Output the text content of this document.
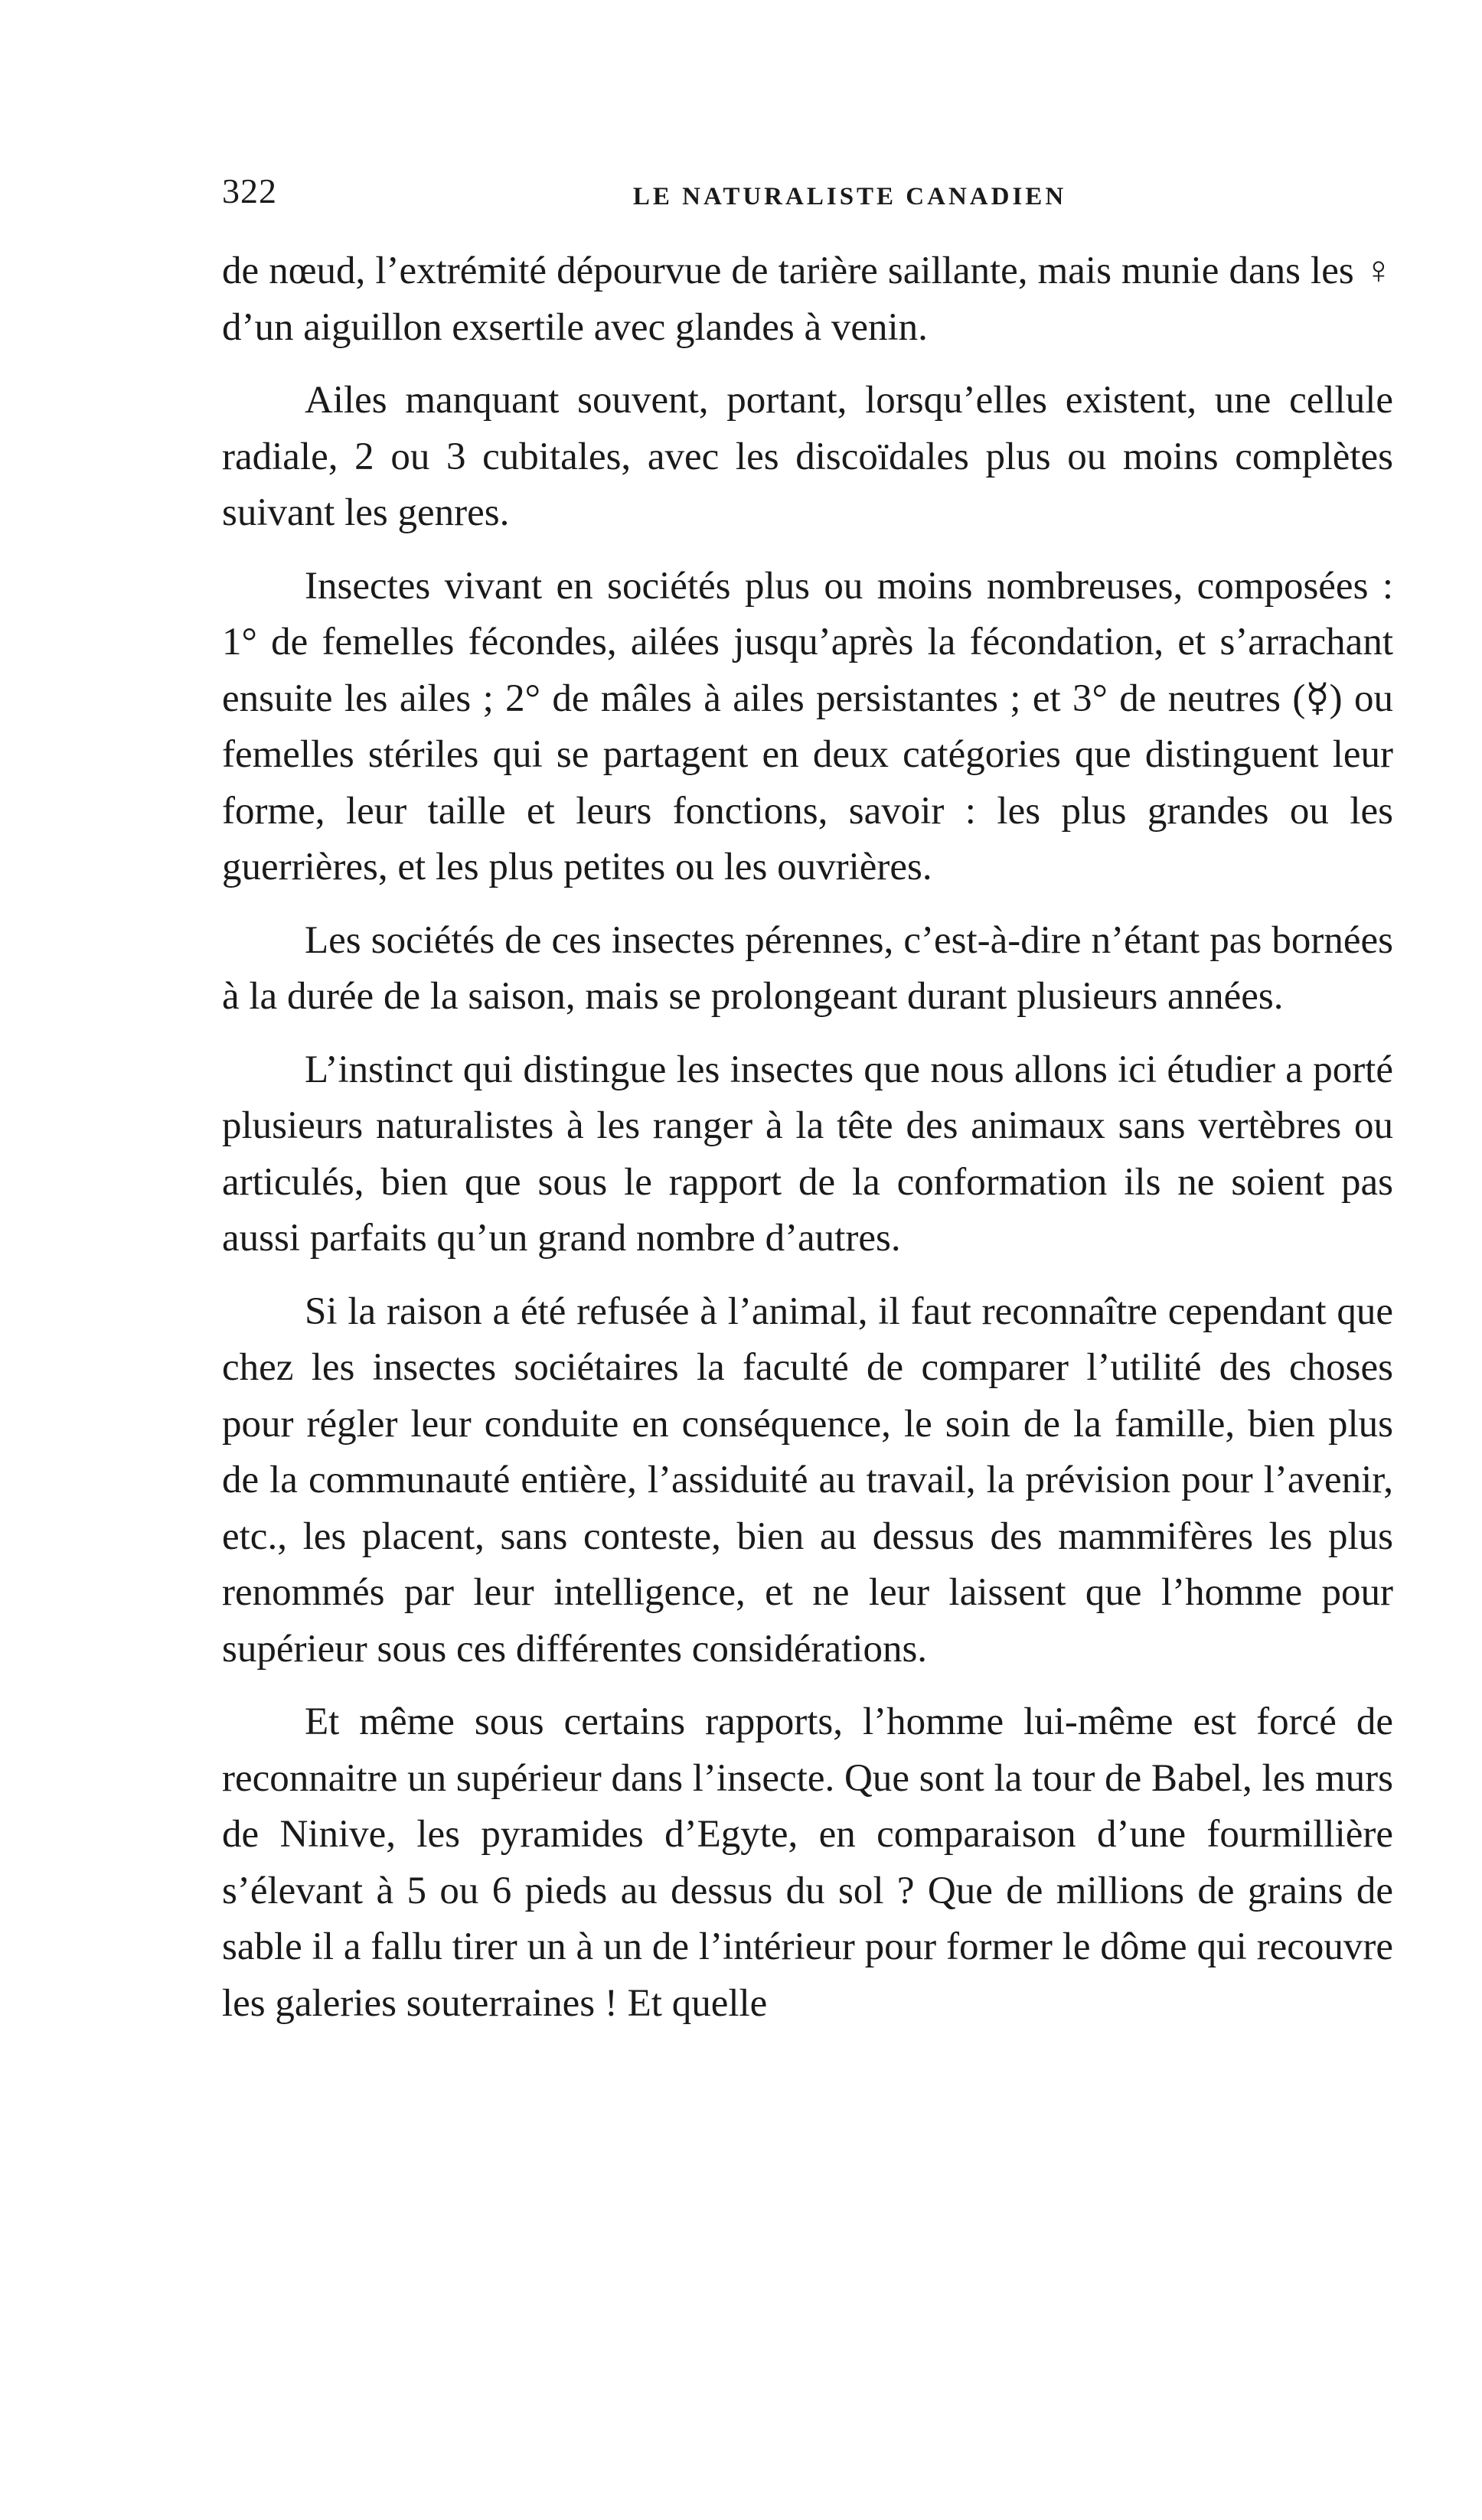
322	LE NATURALISTE CANADIEN

de nœud, l’extrémité dépourvue de tarière saillante, mais munie dans les ♀ d’un aiguillon exsertile avec glandes à venin.

Ailes manquant souvent, portant, lorsqu’elles existent, une cellule radiale, 2 ou 3 cubitales, avec les discoïdales plus ou moins complètes suivant les genres.

Insectes vivant en sociétés plus ou moins nombreuses, composées : 1° de femelles fécondes, ailées jusqu’après la fécondation, et s’arrachant ensuite les ailes ; 2° de mâles à ailes persistantes ; et 3° de neutres (☿) ou femelles stériles qui se partagent en deux catégories que distinguent leur forme, leur taille et leurs fonctions, savoir : les plus grandes ou les guerrières, et les plus petites ou les ouvrières.

Les sociétés de ces insectes pérennes, c’est-à-dire n’étant pas bornées à la durée de la saison, mais se prolongeant durant plusieurs années.

L’instinct qui distingue les insectes que nous allons ici étudier a porté plusieurs naturalistes à les ranger à la tête des animaux sans vertèbres ou articulés, bien que sous le rapport de la conformation ils ne soient pas aussi parfaits qu’un grand nombre d’autres.

Si la raison a été refusée à l’animal, il faut reconnaître cependant que chez les insectes sociétaires la faculté de comparer l’utilité des choses pour régler leur conduite en conséquence, le soin de la famille, bien plus de la communauté entière, l’assiduité au travail, la prévision pour l’avenir, etc., les placent, sans conteste, bien au dessus des mammifères les plus renommés par leur intelligence, et ne leur laissent que l’homme pour supérieur sous ces différentes considérations.

Et même sous certains rapports, l’homme lui-même est forcé de reconnaitre un supérieur dans l’insecte. Que sont la tour de Babel, les murs de Ninive, les pyramides d’Egyte, en comparaison d’une fourmillière s’élevant à 5 ou 6 pieds au dessus du sol ? Que de millions de grains de sable il a fallu tirer un à un de l’intérieur pour former le dôme qui recouvre les galeries souterraines ! Et quelle
